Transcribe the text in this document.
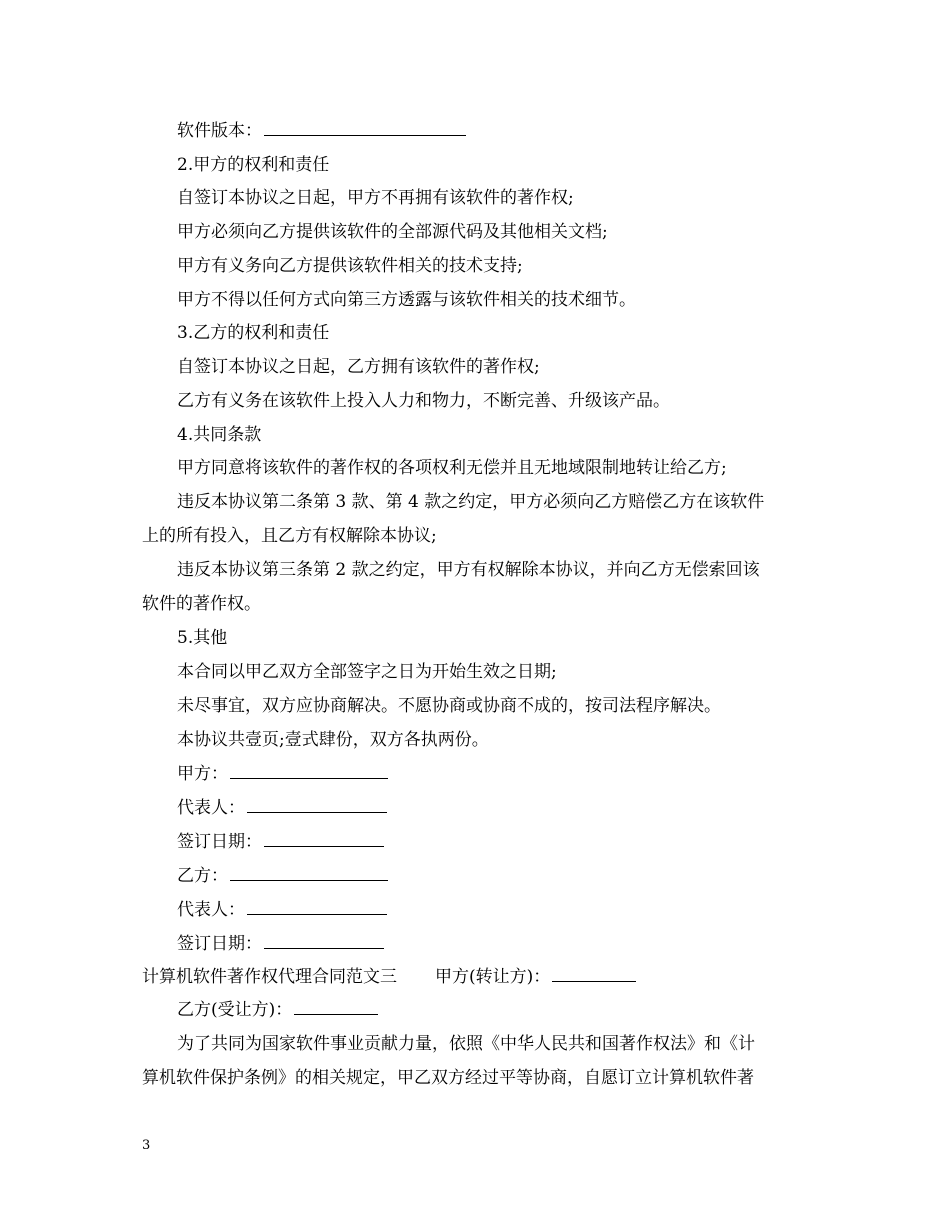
软件版本：
2.甲方的权利和责任
自签订本协议之日起，甲方不再拥有该软件的著作权;
甲方必须向乙方提供该软件的全部源代码及其他相关文档;
甲方有义务向乙方提供该软件相关的技术支持;
甲方不得以任何方式向第三方透露与该软件相关的技术细节。
3.乙方的权利和责任
自签订本协议之日起，乙方拥有该软件的著作权;
乙方有义务在该软件上投入人力和物力，不断完善、升级该产品。
4.共同条款
甲方同意将该软件的著作权的各项权利无偿并且无地域限制地转让给乙方;
违反本协议第二条第 3 款、第 4 款之约定，甲方必须向乙方赔偿乙方在该软件
上的所有投入，且乙方有权解除本协议;
违反本协议第三条第 2 款之约定，甲方有权解除本协议，并向乙方无偿索回该
软件的著作权。
5.其他
本合同以甲乙双方全部签字之日为开始生效之日期;
未尽事宜，双方应协商解决。不愿协商或协商不成的，按司法程序解决。
本协议共壹页;壹式肆份，双方各执两份。
甲方：
代表人：
签订日期：
乙方：
代表人：
签订日期：
计算机软件著作权代理合同范文三 甲方(转让方)：
乙方(受让方)：
为了共同为国家软件事业贡献力量，依照《中华人民共和国著作权法》和《计
算机软件保护条例》的相关规定，甲乙双方经过平等协商，自愿订立计算机软件著
3
